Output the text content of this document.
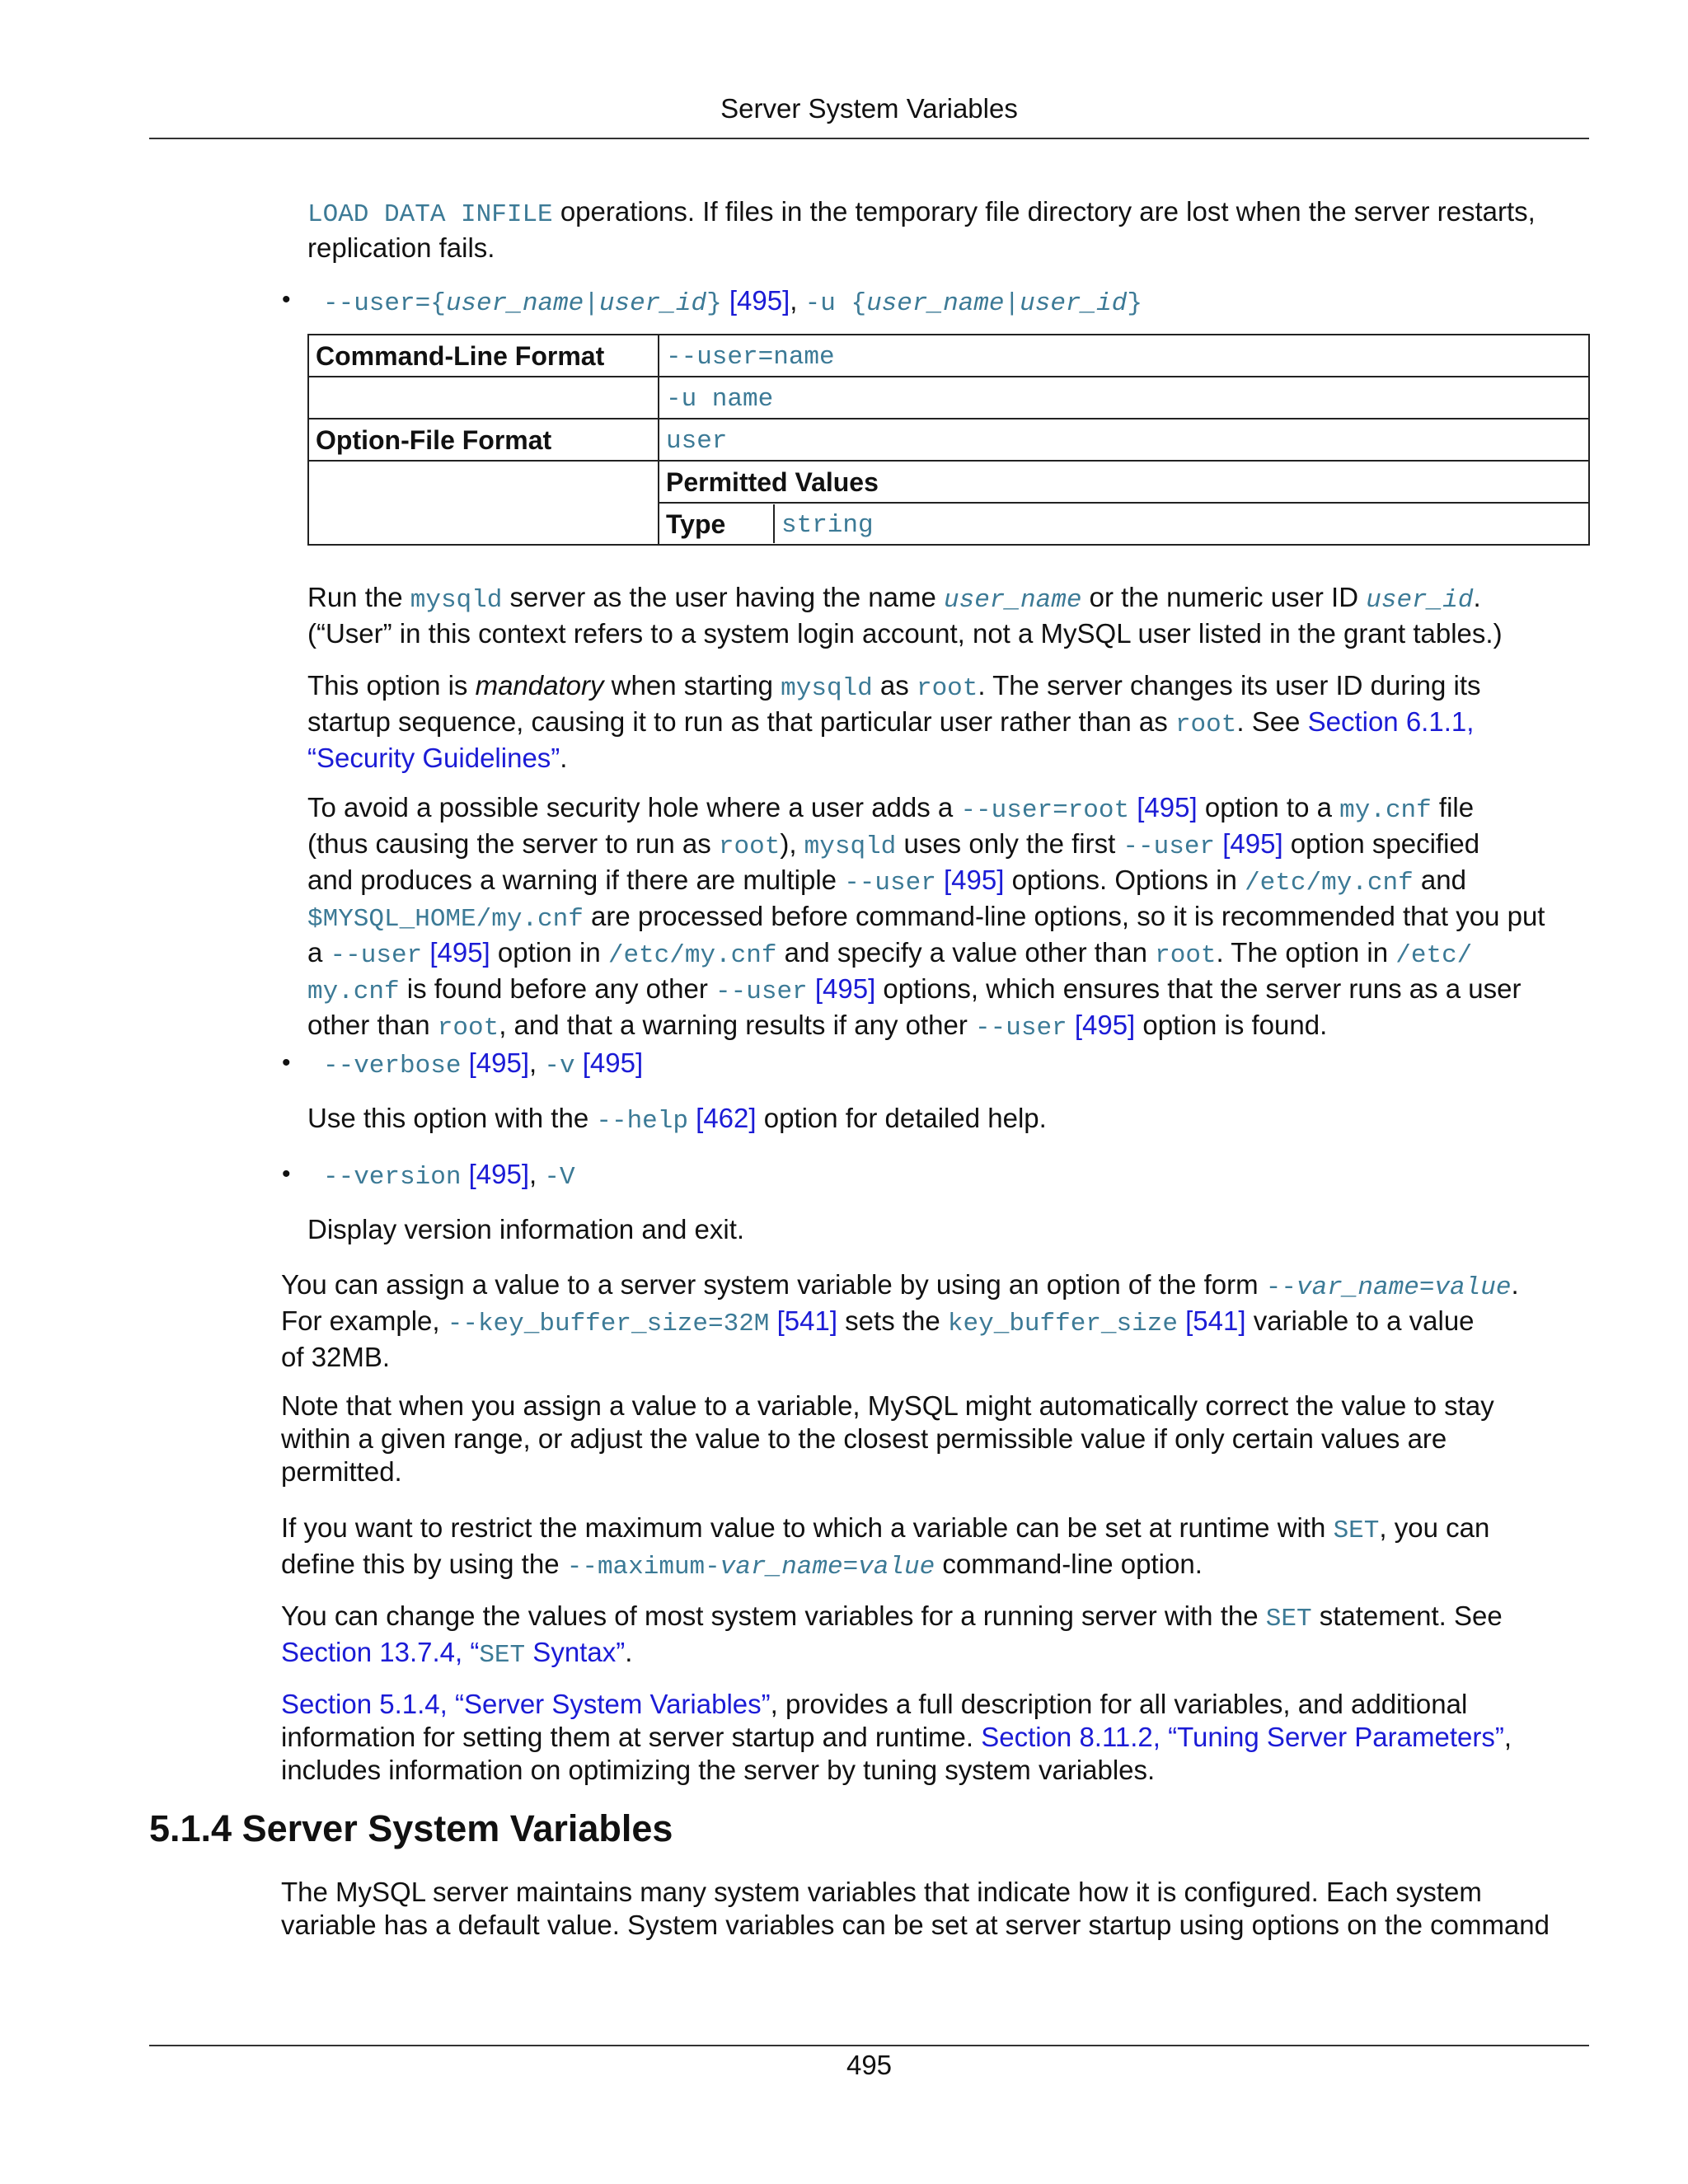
Server System Variables
LOAD DATA INFILE operations. If files in the temporary file directory are lost when the server restarts, replication fails.
• --user={user_name|user_id} [495], -u {user_name|user_id}
Command-Line Format	--user=name
	-u name
Option-File Format	user
	Permitted Values

Type	string

Run the mysqld server as the user having the name user_name or the numeric user ID user_id.

(“User” in this context refers to a system login account, not a MySQL user listed in the grant tables.)

This option is mandatory when starting mysqld as root. The server changes its user ID during its

startup sequence, causing it to run as that particular user rather than as root. See Section 6.1.1,

“Security Guidelines”.

To avoid a possible security hole where a user adds a --user=root [495] option to a my.cnf file

(thus causing the server to run as root), mysqld uses only the first --user [495] option specified

and produces a warning if there are multiple --user [495] options. Options in /etc/my.cnf and

$MYSQL_HOME/my.cnf are processed before command-line options, so it is recommended that you put

a --user [495] option in /etc/my.cnf and specify a value other than root. The option in /etc/

my.cnf is found before any other --user [495] options, which ensures that the server runs as a user

other than root, and that a warning results if any other --user [495] option is found.

• --verbose [495], -v [495]
Use this option with the --help [462] option for detailed help.
• --version [495], -V
Display version information and exit.

You can assign a value to a server system variable by using an option of the form --var_name=value.

For example, --key_buffer_size=32M [541] sets the key_buffer_size [541] variable to a value

of 32MB.

Note that when you assign a value to a variable, MySQL might automatically correct the value to stay within a given range, or adjust the value to the closest permissible value if only certain values are permitted.

If you want to restrict the maximum value to which a variable can be set at runtime with SET, you can

define this by using the --maximum-var_name=value command-line option.

You can change the values of most system variables for a running server with the SET statement. See

Section 13.7.4, “SET Syntax”.

Section 5.1.4, “Server System Variables”, provides a full description for all variables, and additional

information for setting them at server startup and runtime. Section 8.11.2, “Tuning Server Parameters”,

includes information on optimizing the server by tuning system variables.

5.1.4 Server System Variables

The MySQL server maintains many system variables that indicate how it is configured. Each system

variable has a default value. System variables can be set at server startup using options on the command

495
